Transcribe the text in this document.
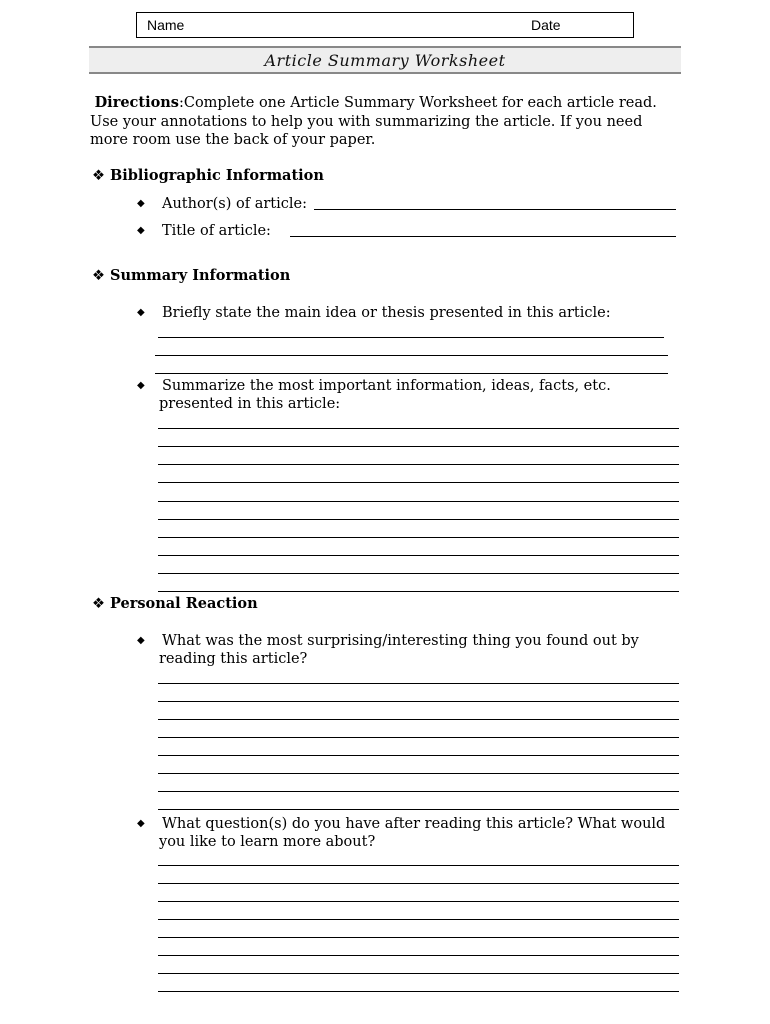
Name	Date
Article Summary Worksheet
Directions:Complete one Article Summary Worksheet for each article read. Use your annotations to help you with summarizing the article. If you need more room use the back of your paper.
❖ Bibliographic Information
◆ Author(s) of article:
◆ Title of article:
❖ Summary Information
◆ Briefly state the main idea or thesis presented in this article:
◆ Summarize the most important information, ideas, facts, etc.
presented in this article:
❖ Personal Reaction
◆ What was the most surprising/interesting thing you found out by
reading this article?
◆ What question(s) do you have after reading this article? What would
you like to learn more about?
